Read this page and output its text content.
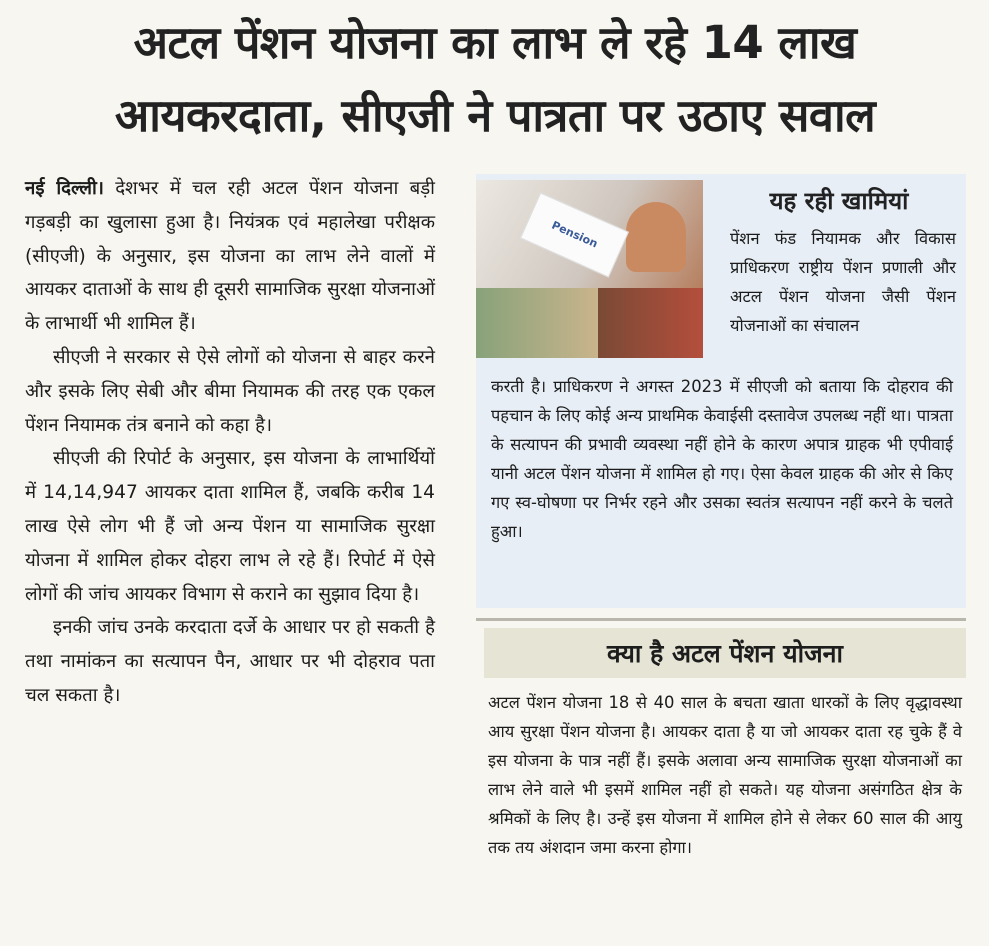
अटल पेंशन योजना का लाभ ले रहे 14 लाख
आयकरदाता, सीएजी ने पात्रता पर उठाए सवाल

नई दिल्ली। देशभर में चल रही अटल पेंशन योजना बड़ी गड़बड़ी का खुलासा हुआ है। नियंत्रक एवं महालेखा परीक्षक (सीएजी) के अनुसार, इस योजना का लाभ लेने वालों में आयकर दाताओं के साथ ही दूसरी सामाजिक सुरक्षा योजनाओं के लाभार्थी भी शामिल हैं।

सीएजी ने सरकार से ऐसे लोगों को योजना से बाहर करने और इसके लिए सेबी और बीमा नियामक की तरह एक एकल पेंशन नियामक तंत्र बनाने को कहा है।

सीएजी की रिपोर्ट के अनुसार, इस योजना के लाभार्थियों में 14,14,947 आयकर दाता शामिल हैं, जबकि करीब 14 लाख ऐसे लोग भी हैं जो अन्य पेंशन या सामाजिक सुरक्षा योजना में शामिल होकर दोहरा लाभ ले रहे हैं। रिपोर्ट में ऐसे लोगों की जांच आयकर विभाग से कराने का सुझाव दिया है।

इनकी जांच उनके करदाता दर्जे के आधार पर हो सकती है तथा नामांकन का सत्यापन पैन, आधार पर भी दोहराव पता चल सकता है।

Pension
यह रही खामियां
पेंशन फंड नियामक और विकास प्राधिकरण राष्ट्रीय पेंशन प्रणाली और अटल पेंशन योजना जैसी पेंशन योजनाओं का संचालन
करती है। प्राधिकरण ने अगस्त 2023 में सीएजी को बताया कि दोहराव की पहचान के लिए कोई अन्य प्राथमिक केवाईसी दस्तावेज उपलब्ध नहीं था। पात्रता के सत्यापन की प्रभावी व्यवस्था नहीं होने के कारण अपात्र ग्राहक भी एपीवाई यानी अटल पेंशन योजना में शामिल हो गए। ऐसा केवल ग्राहक की ओर से किए गए स्व-घोषणा पर निर्भर रहने और उसका स्वतंत्र सत्यापन नहीं करने के चलते हुआ।
क्या है अटल पेंशन योजना
अटल पेंशन योजना 18 से 40 साल के बचता खाता धारकों के लिए वृद्धावस्था आय सुरक्षा पेंशन योजना है। आयकर दाता है या जो आयकर दाता रह चुके हैं वे इस योजना के पात्र नहीं हैं। इसके अलावा अन्य सामाजिक सुरक्षा योजनाओं का लाभ लेने वाले भी इसमें शामिल नहीं हो सकते। यह योजना असंगठित क्षेत्र के श्रमिकों के लिए है। उन्हें इस योजना में शामिल होने से लेकर 60 साल की आयु तक तय अंशदान जमा करना होगा।
